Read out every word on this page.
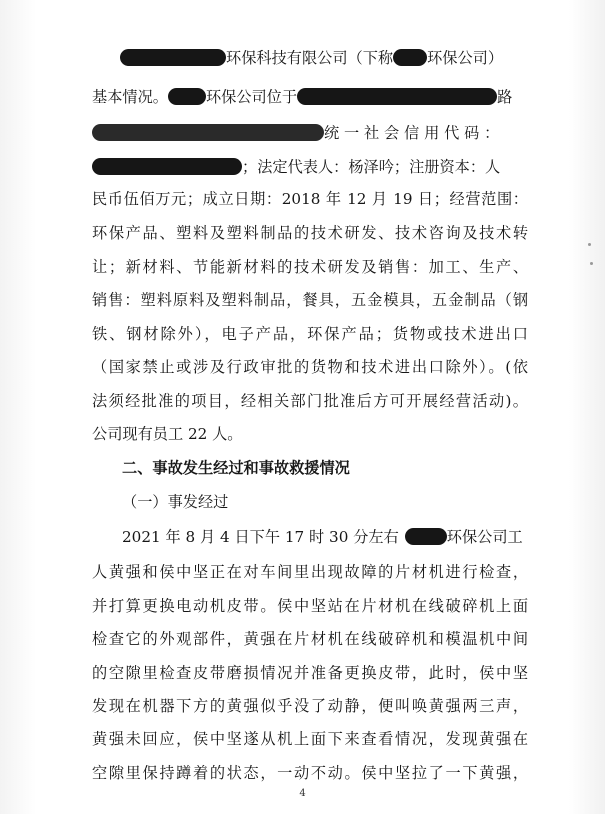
环保科技有限公司（下称 环保公司）
基本情况。	环保公司位于	路
统 一 社 会 信 用 代 码 ：
；法定代表人：杨泽吟；注册资本：人
民币伍佰万元；成立日期：2018 年 12 月 19 日；经营范围：
环保产品、塑料及塑料制品的技术研发、技术咨询及技术转
让；新材料、节能新材料的技术研发及销售：加工、生产、
销售：塑料原料及塑料制品，餐具，五金模具，五金制品（钢
铁、钢材除外），电子产品，环保产品；货物或技术进出口
（国家禁止或涉及行政审批的货物和技术进出口除外）。(依
法须经批准的项目，经相关部门批准后方可开展经营活动)。
公司现有员工 22 人。
二、事故发生经过和事故救援情况
（一）事发经过
2021 年 8 月 4 日下午 17 时 30 分左右	环保公司工
人黄强和侯中坚正在对车间里出现故障的片材机进行检查，
并打算更换电动机皮带。侯中坚站在片材机在线破碎机上面
检查它的外观部件，黄强在片材机在线破碎机和模温机中间
的空隙里检查皮带磨损情况并准备更换皮带，此时，侯中坚
发现在机器下方的黄强似乎没了动静，便叫唤黄强两三声，
黄强未回应，侯中坚遂从机上面下来查看情况，发现黄强在
空隙里保持蹲着的状态，一动不动。侯中坚拉了一下黄强，
4
